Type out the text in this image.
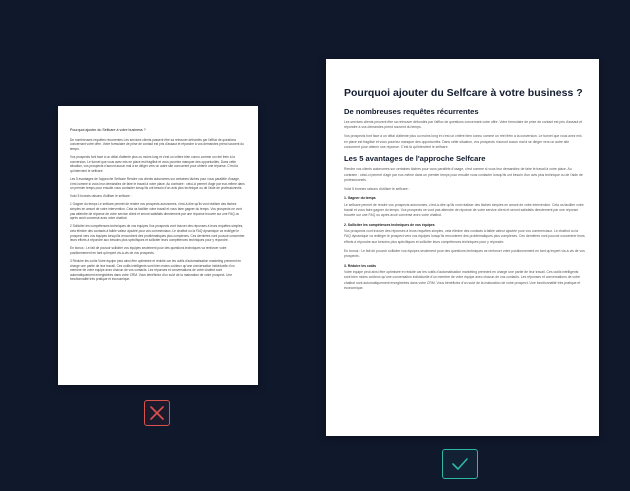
Pourquoi ajouter du Selfcare à votre business ?

De nombreuses requêtes récurrentes Les services clients passent être sa retrouver débordés par l'afflux de questions concernant votre offre. Votre formulaire de prise de contact est pris d'assaut et répondre à vos demandes prend souvent du temps.

Vos prospects font face à un délai d'attente plus ou moins long et c'est un critère bien connu comme un réel frein à la conversion. Le tunnel que vous avez mis en place est fragilisé et vous pourriez manquer des opportunités. Dans cette situation, vos prospects n'auront aucun mal à se diriger vers un autre site concurrent pour obtenir une réponse. C'est là qu'intervient le selfcare.

Les 5 avantages de l'approche Selfcare Rendre vos clients autonomes sur certaines tâches pour vous parallèle d'usage, c'est comme si vous leur demandiez de faire le travail à votre place. Au contraire : celui-ci permet d'agir par eux-même dans un premier temps pour ensuite vous contacter lorsqu'ils ont besoin d'un avis plus technique ou de l'aide de professionnels.

Voici 5 bonnes raisons d'utiliser le selfcare :

1 Gagner du temps Le selfcare permet de rendre vos prospects autonomes, c'est-à-dire qu'ils vont réaliser des tâches simples en amont de votre intervention. Cela va faciliter votre travail et vous faire gagner du temps. Vos prospects ne vont pas attendre de réponse de votre service client et seront satisfaits directement par une réponse trouvée sur une FAQ ou après avoir conversé avec votre chatbot.

2 Solliciter les compétences techniques de vos équipes Vos prospects vont trouver des réponses à leurs requêtes simples, cela élimine des contacts à faible valeur ajoutée pour vos commerciaux. Le chatbot ou la FAQ dynamique va rediriger le prospect vers vos équipes lorsqu'ils rencontrent des problématiques plus complexes. Ces dernières vont pouvoir concentrer leurs efforts à répondre aux besoins plus spécifiques et solliciter leurs compétences techniques pour y répondre.

En bonus : Le fait de pouvoir solliciter vos équipes seulement pour des questions techniques va renforcer votre positionnement en tant qu'expert vis-à-vis de vos prospects.

3 Réduire les coûts Votre équipe peut ainsi être optimisée et réduite car les outils d'automatisation marketing prennent en charge une partie de leur travail. Ces outils intelligents sont bien moins coûteux qu'une conversation individuelle d'un membre de votre équipe avec chacun de vos contacts. Les réponses et conversations de votre chatbot sont automatiquement enregistrées dans votre CRM. Vous bénéficiez d'un suivi de la maturation de votre prospect. Une fonctionnalité très pratique et économique.

Pourquoi ajouter du Selfcare à votre business ?
De nombreuses requêtes récurrentes

Les services clients peuvent être sa retrouver débordés par l'afflux de questions concernant votre offre. Votre formulaire de prise de contact est pris d'assaut et répondre à vos demandes prend souvent du temps.

Vos prospects font face à un délai d'attente plus ou moins long et c'est un critère bien connu comme un réel frein à la conversion. Le tunnel que vous avez mis en place est fragilisé et vous pourriez manquer des opportunités. Dans cette situation, vos prospects n'auront aucun mal à se diriger vers un autre site concurrent pour obtenir une réponse. C'est là qu'intervient le selfcare.

Les 5 avantages de l'approche Selfcare

Rendre vos clients autonomes sur certaines tâches pour vous parallèle d'usage, c'est comme si vous leur demandiez de faire le travail à votre place. Au contraire : celui-ci permet d'agir par eux-même dans un premier temps pour ensuite vous contacter lorsqu'ils ont besoin d'un avis plus technique ou de l'aide de professionnels.

Voici 5 bonnes raisons d'utiliser le selfcare :

1. Gagner du temps

Le selfcare permet de rendre vos prospects autonomes, c'est-à-dire qu'ils vont réaliser des tâches simples en amont de votre intervention. Cela va faciliter votre travail et vous faire gagner du temps. Vos prospects ne vont pas attendre de réponse de votre service client et seront satisfaits directement par une réponse trouvée sur une FAQ ou après avoir conversé avec votre chatbot.

2. Solliciter les compétences techniques de vos équipes

Vos prospects vont trouver des réponses à leurs requêtes simples, cela élimine des contacts à faible valeur ajoutée pour vos commerciaux. Le chatbot ou la FAQ dynamique va rediriger le prospect vers vos équipes lorsqu'ils rencontrent des problématiques plus complexes. Ces dernières vont pouvoir concentrer leurs efforts à répondre aux besoins plus spécifiques et solliciter leurs compétences techniques pour y répondre.

En bonus : Le fait de pouvoir solliciter vos équipes seulement pour des questions techniques va renforcer votre positionnement en tant qu'expert vis-à-vis de vos prospects.

3. Réduire les coûts

Votre équipe peut ainsi être optimisée et réduite car les outils d'automatisation marketing prennent en charge une partie de leur travail. Ces outils intelligents sont bien moins coûteux qu'une conversation individuelle d'un membre de votre équipe avec chacun de vos contacts. Les réponses et conversations de votre chatbot sont automatiquement enregistrées dans votre CRM. Vous bénéficiez d'un suivi de la maturation de votre prospect. Une fonctionnalité très pratique et économique.
